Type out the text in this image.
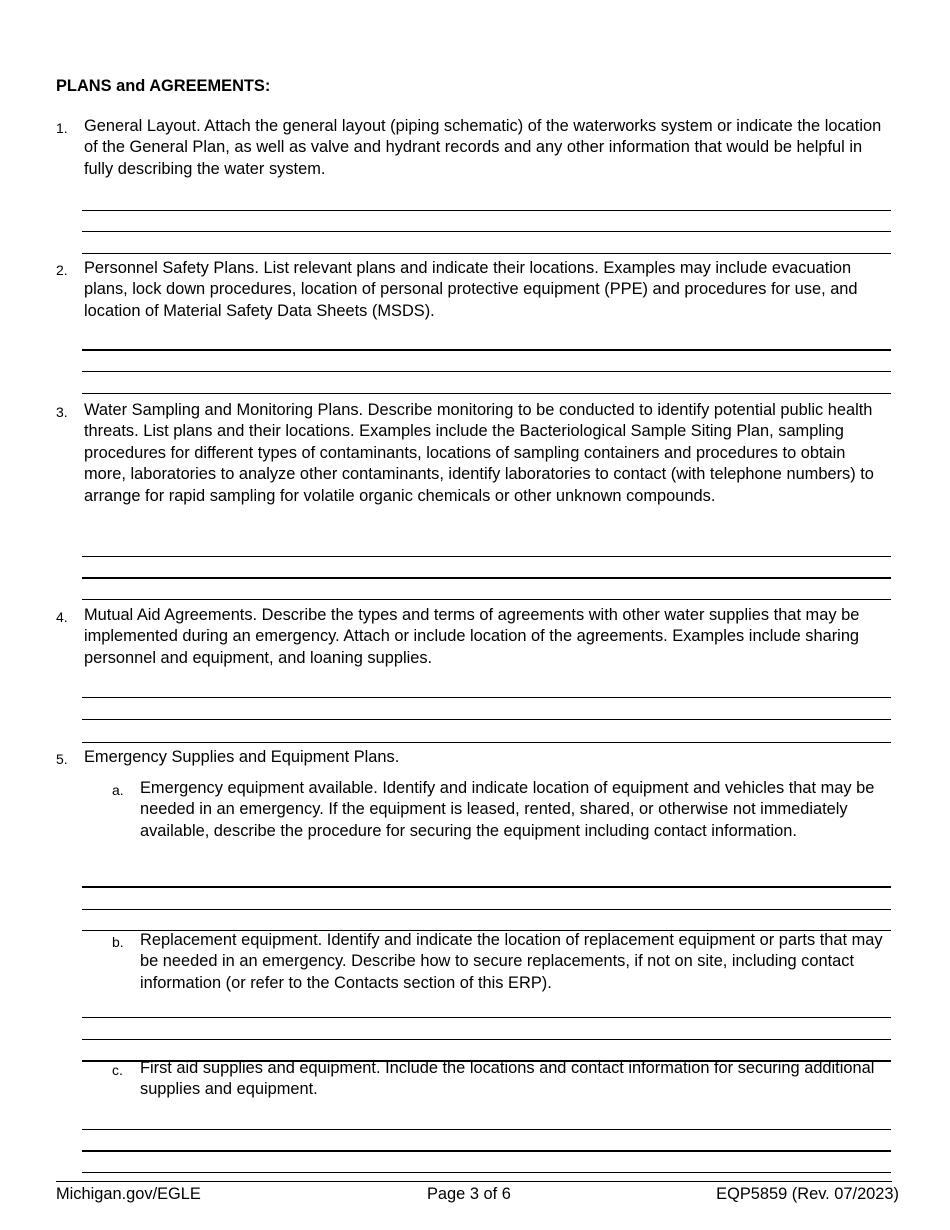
PLANS and AGREEMENTS:
1. General Layout. Attach the general layout (piping schematic) of the waterworks system or indicate the location of the General Plan, as well as valve and hydrant records and any other information that would be helpful in fully describing the water system.
2. Personnel Safety Plans. List relevant plans and indicate their locations. Examples may include evacuation plans, lock down procedures, location of personal protective equipment (PPE) and procedures for use, and location of Material Safety Data Sheets (MSDS).
3. Water Sampling and Monitoring Plans. Describe monitoring to be conducted to identify potential public health threats. List plans and their locations. Examples include the Bacteriological Sample Siting Plan, sampling procedures for different types of contaminants, locations of sampling containers and procedures to obtain more, laboratories to analyze other contaminants, identify laboratories to contact (with telephone numbers) to arrange for rapid sampling for volatile organic chemicals or other unknown compounds.
4. Mutual Aid Agreements. Describe the types and terms of agreements with other water supplies that may be implemented during an emergency. Attach or include location of the agreements. Examples include sharing personnel and equipment, and loaning supplies.
5. Emergency Supplies and Equipment Plans.
a. Emergency equipment available. Identify and indicate location of equipment and vehicles that may be needed in an emergency. If the equipment is leased, rented, shared, or otherwise not immediately available, describe the procedure for securing the equipment including contact information.
b. Replacement equipment. Identify and indicate the location of replacement equipment or parts that may be needed in an emergency. Describe how to secure replacements, if not on site, including contact information (or refer to the Contacts section of this ERP).
c. First aid supplies and equipment. Include the locations and contact information for securing additional supplies and equipment.
Michigan.gov/EGLE	Page 3 of 6	EQP5859 (Rev. 07/2023)
